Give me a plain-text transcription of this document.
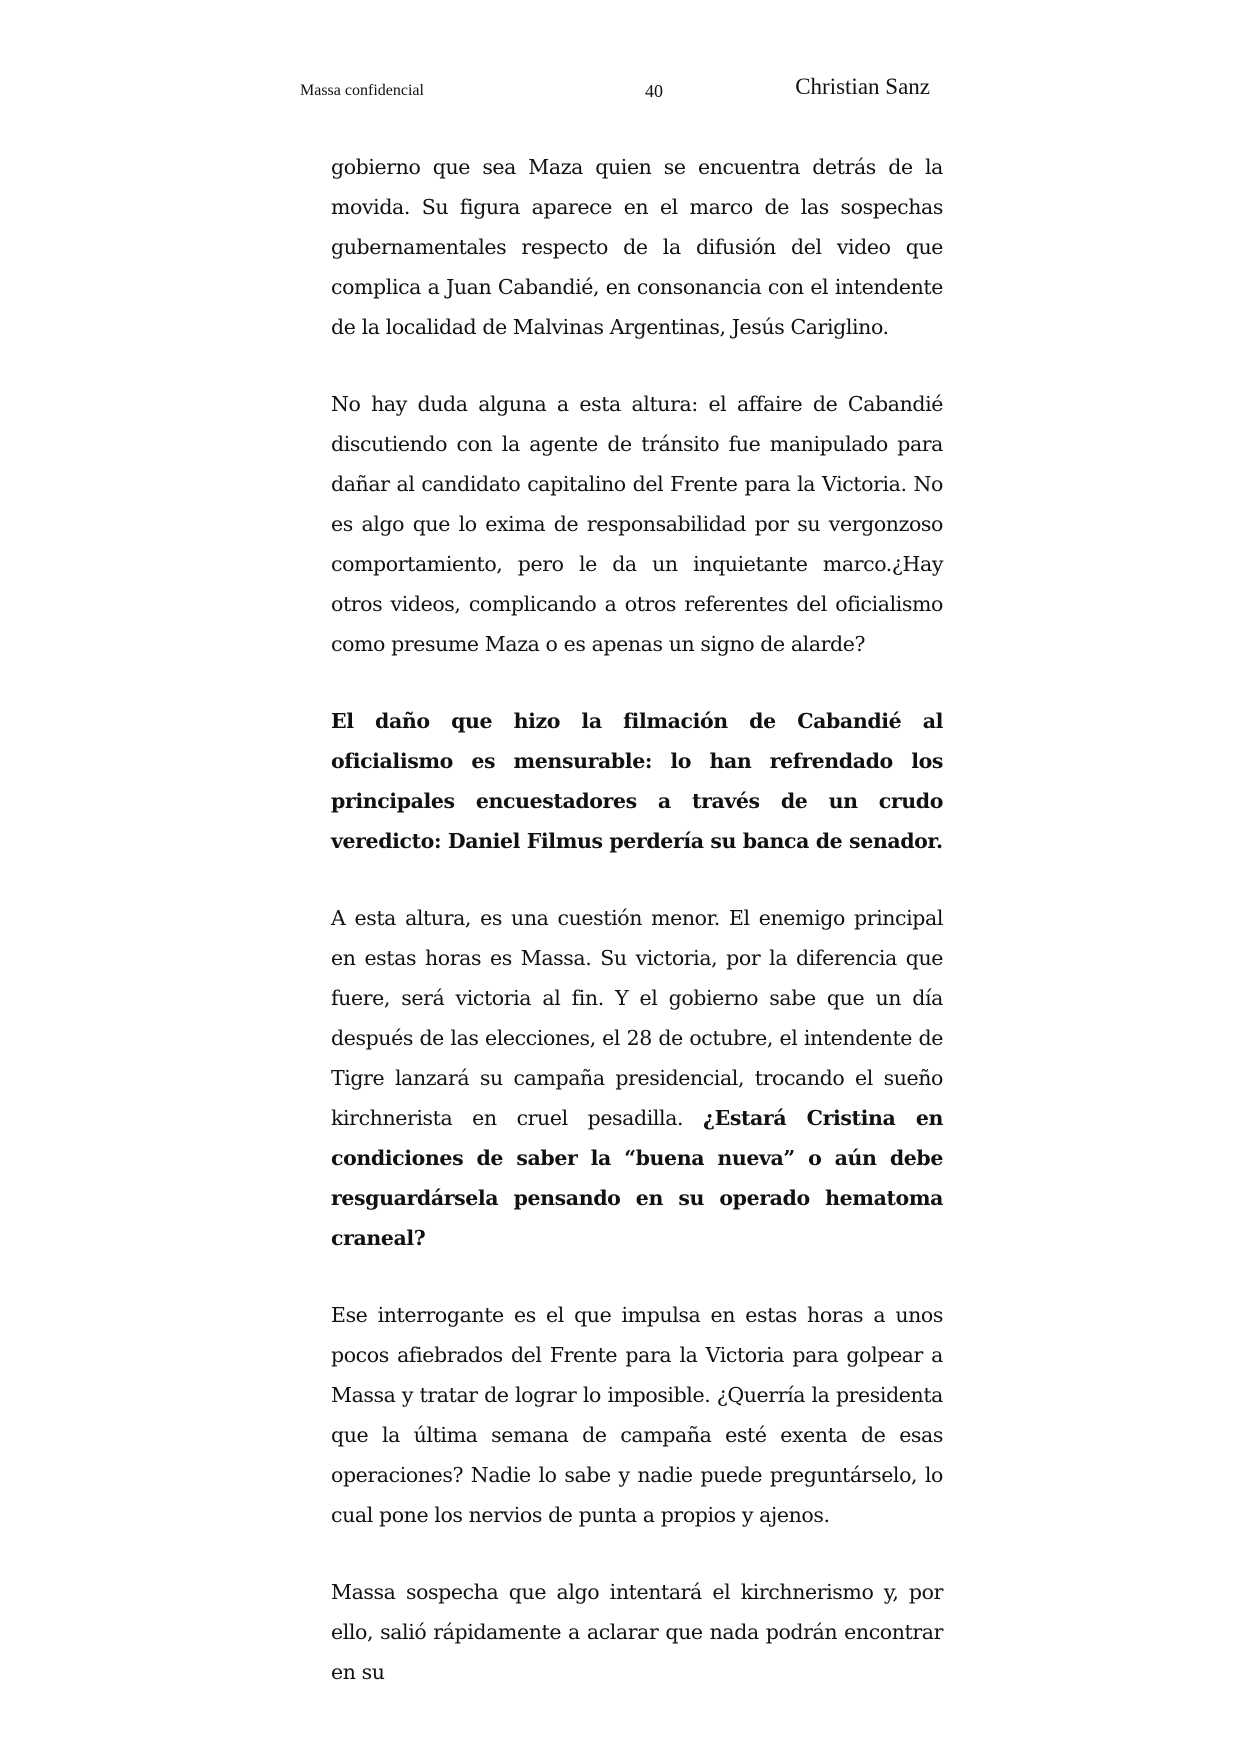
Massa confidencial	40	Christian Sanz

gobierno que sea Maza quien se encuentra detrás de la movida. Su figura aparece en el marco de las sospechas gubernamentales respecto de la difusión del video que complica a Juan Cabandié, en consonancia con el intendente de la localidad de Malvinas Argentinas, Jesús Cariglino.

No hay duda alguna a esta altura: el affaire de Cabandié discutiendo con la agente de tránsito fue manipulado para dañar al candidato capitalino del Frente para la Victoria. No es algo que lo exima de responsabilidad por su vergonzoso comportamiento, pero le da un inquietante marco.¿Hay otros videos, complicando a otros referentes del oficialismo como presume Maza o es apenas un signo de alarde?

El daño que hizo la filmación de Cabandié al oficialismo es mensurable: lo han refrendado los principales encuestadores a través de un crudo veredicto: Daniel Filmus perdería su banca de senador.

A esta altura, es una cuestión menor. El enemigo principal en estas horas es Massa. Su victoria, por la diferencia que fuere, será victoria al fin. Y el gobierno sabe que un día después de las elecciones, el 28 de octubre, el intendente de Tigre lanzará su campaña presidencial, trocando el sueño kirchnerista en cruel pesadilla. ¿Estará Cristina en condiciones de saber la “buena nueva” o aún debe resguardársela pensando en su operado hematoma craneal?

Ese interrogante es el que impulsa en estas horas a unos pocos afiebrados del Frente para la Victoria para golpear a Massa y tratar de lograr lo imposible. ¿Querría la presidenta que la última semana de campaña esté exenta de esas operaciones? Nadie lo sabe y nadie puede preguntárselo, lo cual pone los nervios de punta a propios y ajenos.

Massa sospecha que algo intentará el kirchnerismo y, por ello, salió rápidamente a aclarar que nada podrán encontrar en su
